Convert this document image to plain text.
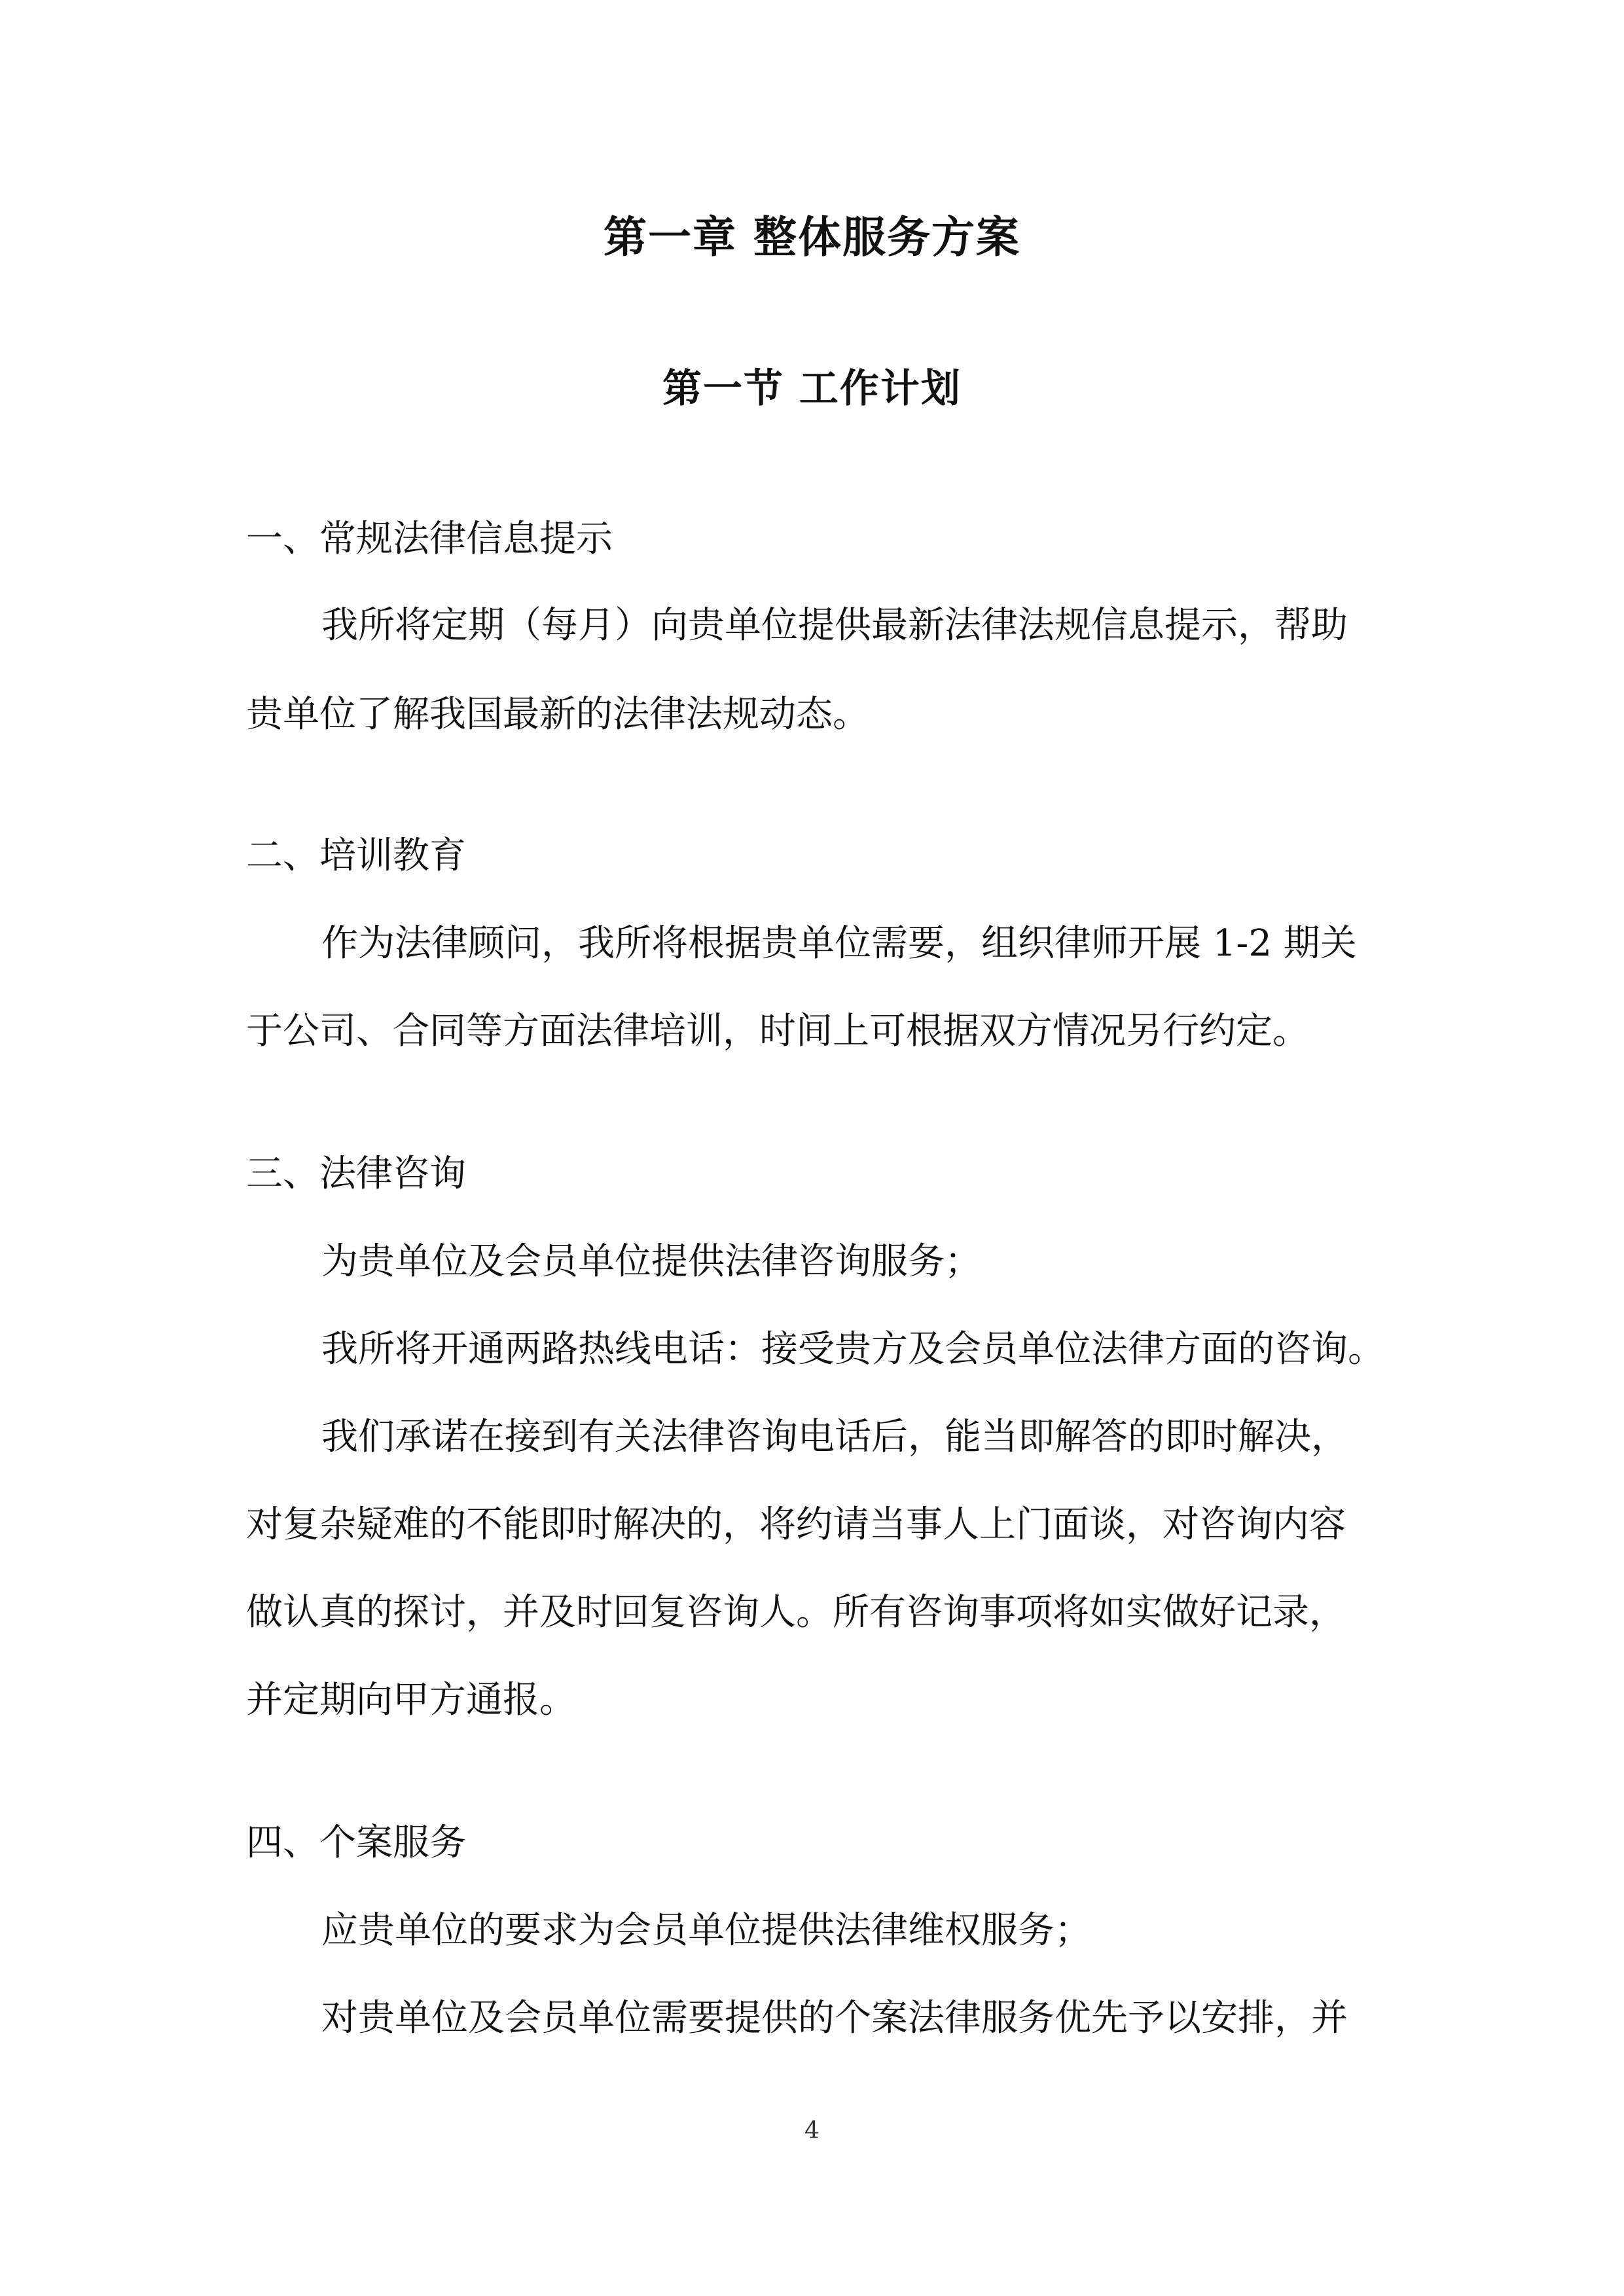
第一章 整体服务方案
第一节 工作计划
一、常规法律信息提示
我所将定期（每月）向贵单位提供最新法律法规信息提示，帮助
贵单位了解我国最新的法律法规动态。
二、培训教育
作为法律顾问，我所将根据贵单位需要，组织律师开展 1-2 期关
于公司、合同等方面法律培训，时间上可根据双方情况另行约定。
三、法律咨询
为贵单位及会员单位提供法律咨询服务；
我所将开通两路热线电话：接受贵方及会员单位法律方面的咨询。
我们承诺在接到有关法律咨询电话后，能当即解答的即时解决，
对复杂疑难的不能即时解决的，将约请当事人上门面谈，对咨询内容
做认真的探讨，并及时回复咨询人。所有咨询事项将如实做好记录，
并定期向甲方通报。
四、个案服务
应贵单位的要求为会员单位提供法律维权服务；
对贵单位及会员单位需要提供的个案法律服务优先予以安排，并
4
